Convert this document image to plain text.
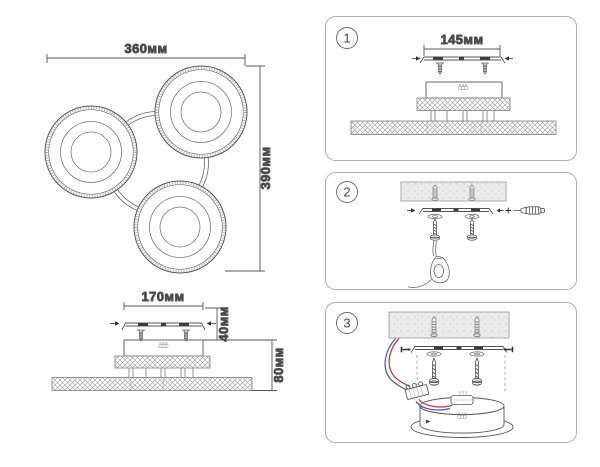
360мм
390мм
170мм
40мм
80мм
1	145мм
2
3
